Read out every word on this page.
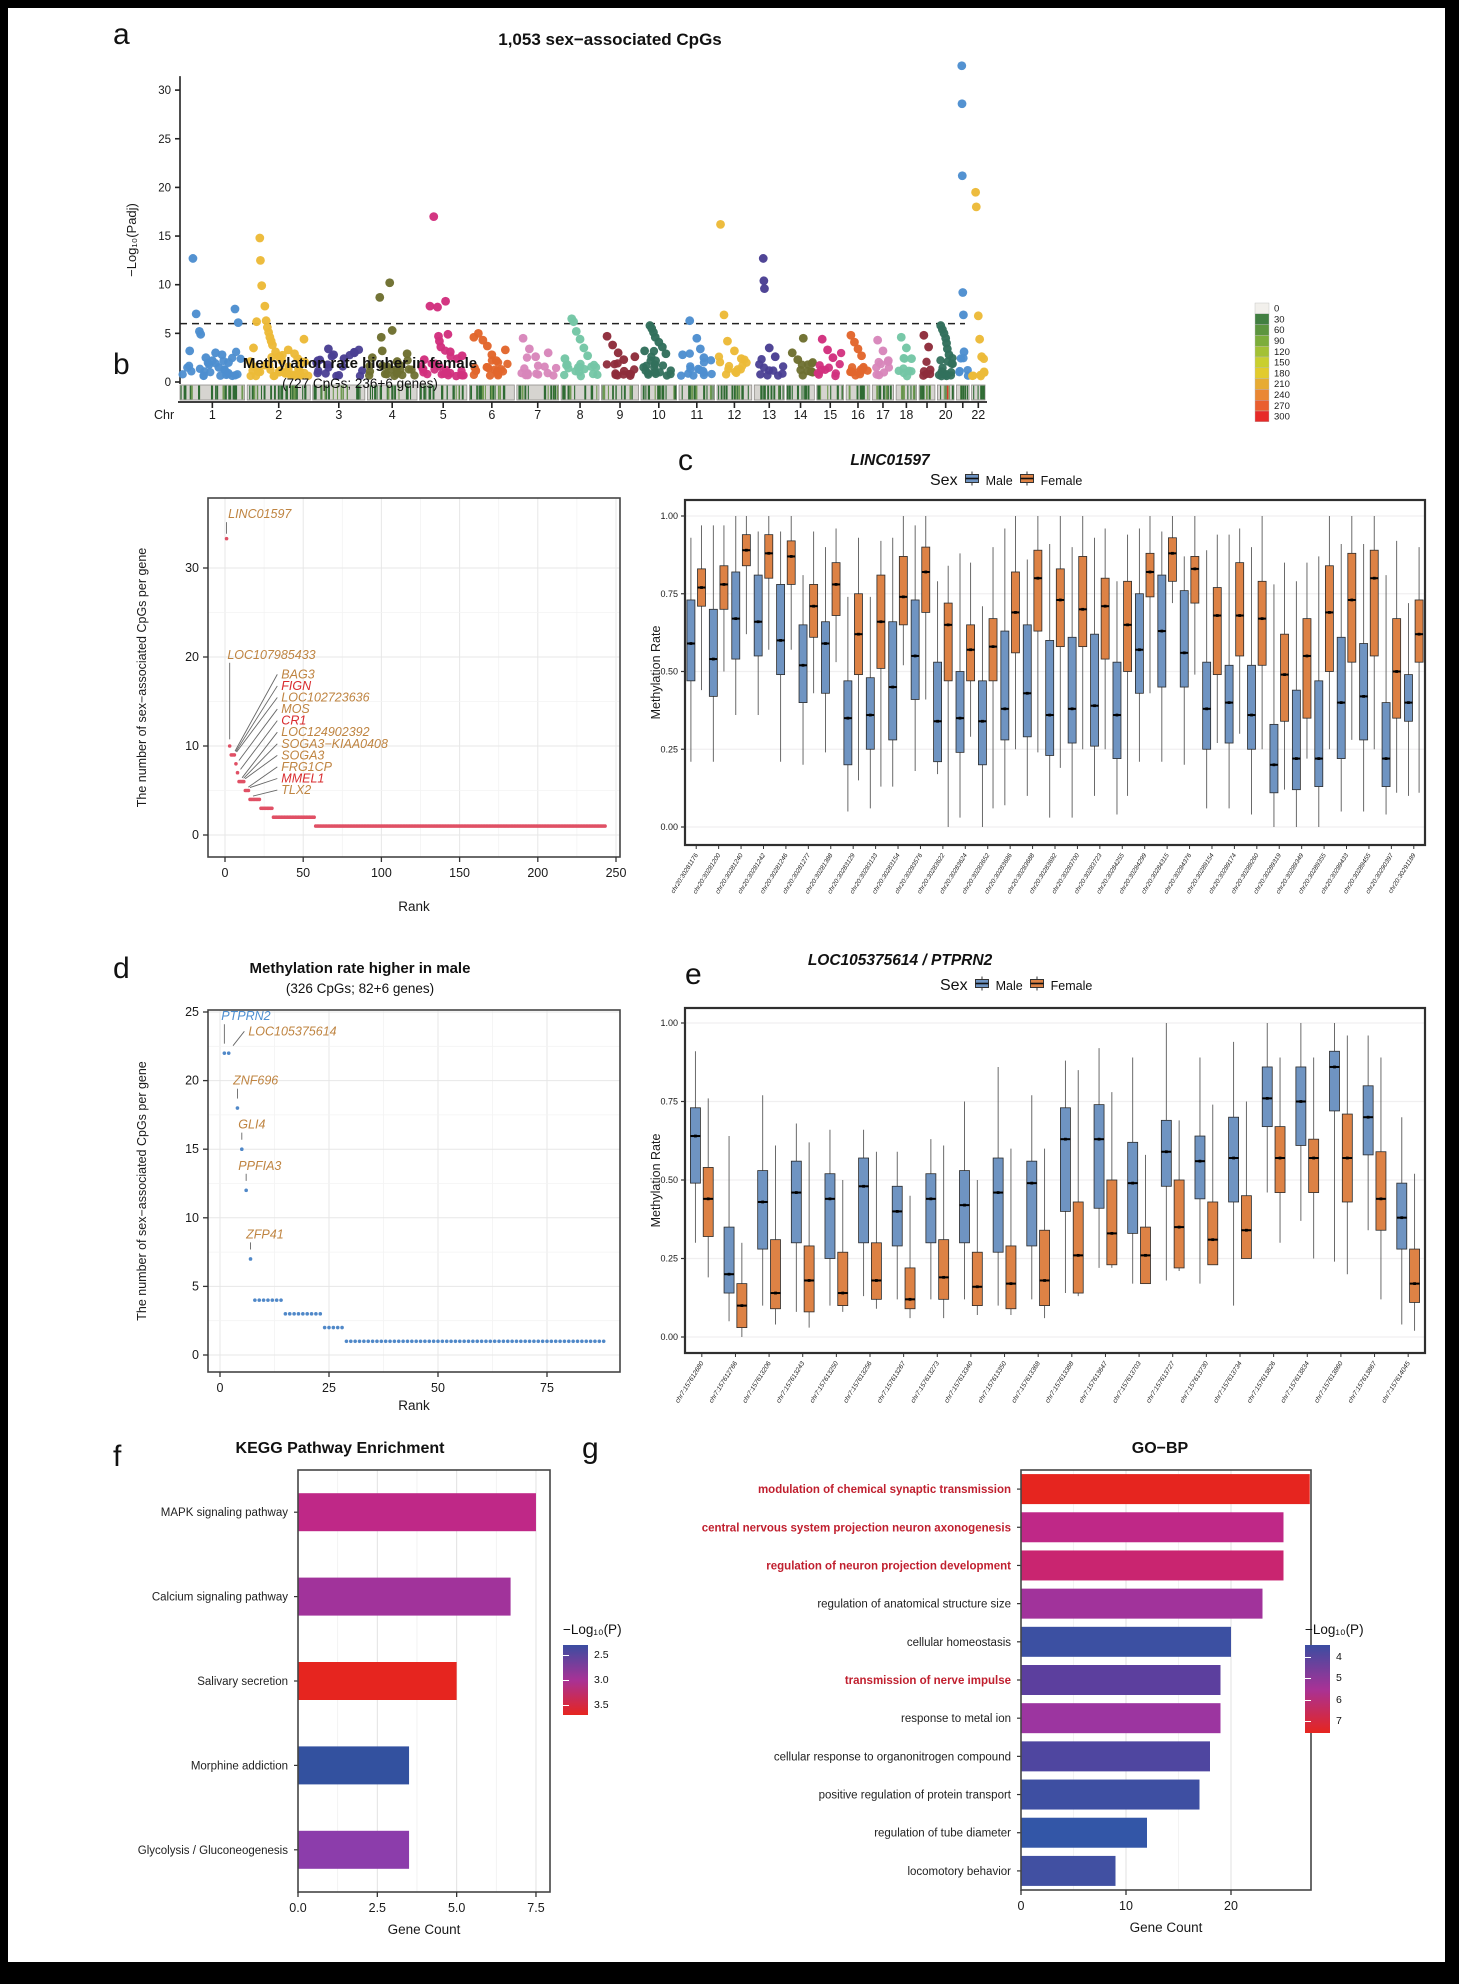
a	1,053 sex−associated CpGs
0
5
10
15
20
25
30
−Log₁₀(Padj)
Chr	1	2	3	4	5	6	7	8	9 10 11 12 13 14 15 16 17 18 20 22
0
30
60
90
120
150
180
210
240
270
300
b	Methylation rate higher in female
(727 CpGs; 236+6 genes)
LINC01597
LOC107985433
BAG3
FIGN
LOC102723636
MOS
CR1
LOC124902392
SOGA3−KIAA0408
SOGA3
FRG1CP
MMEL1
TLX2
0	50	100	150	200	250
0
10
20
30
Rank
The number of sex−associated CpGs per gene
c	LINC01597
Sex Male Female
chr20:30281176
chr20:30281200
chr20:30281240
chr20:30281242
chr20:30281246
chr20:30281277
chr20:30281388
chr20:30283129
chr20:30283133
chr20:30283154
chr20:30283576
chr20:30283622
chr20:30283624
chr20:30283652
chr20:30283686
chr20:30283688
chr20:30283692
chr20:30283700
chr20:30283723
chr20:30284255
chr20:30284299
chr20:30284315
chr20:30284376
chr20:30289154
chr20:30289174
chr20:30289260
chr20:30289319
chr20:30289349
chr20:30289355
chr20:30289433
chr20:30289455
chr20:30290397
chr20:30291189
0.00
0.25
0.50
0.75
1.00
Methylation Rate
d	Methylation rate higher in male
(326 CpGs; 82+6 genes)
PTPRN2
LOC105375614
ZNF696
GLI4
PPFIA3
ZFP41
0	25	50	75
0
5
10
15
20
25
Rank
The number of sex−associated CpGs per gene
e	LOC105375614 / PTPRN2
Sex Male Female
chr7:157612680 chr7:157612766 chr7:157613206 chr7:157613243 chr7:157613250 chr7:157613256 chr7:157613267 chr7:157613273 chr7:157613340 chr7:157613350 chr7:157613368 chr7:157613388 chr7:157613647 chr7:157613703 chr7:157613727 chr7:157613730 chr7:157613734 chr7:157613826 chr7:157613834 chr7:157613860 chr7:157613867 chr7:157614045
0.00
0.25
0.50
0.75
1.00
Methylation Rate
f	KEGG Pathway Enrichment
MAPK signaling pathway
Calcium signaling pathway
Salivary secretion
Morphine addiction
Glycolysis / Gluconeogenesis
0.0	2.5	5.0	7.5
Gene Count
−Log₁₀(P)
2.5
3.0
3.5
g	GO−BP
modulation of chemical synaptic transmission
central nervous system projection neuron axonogenesis
regulation of neuron projection development
regulation of anatomical structure size
cellular homeostasis
transmission of nerve impulse
response to metal ion
cellular response to organonitrogen compound
positive regulation of protein transport
regulation of tube diameter
locomotory behavior
0	10	20
Gene Count
−Log₁₀(P)
4
5
6
7
